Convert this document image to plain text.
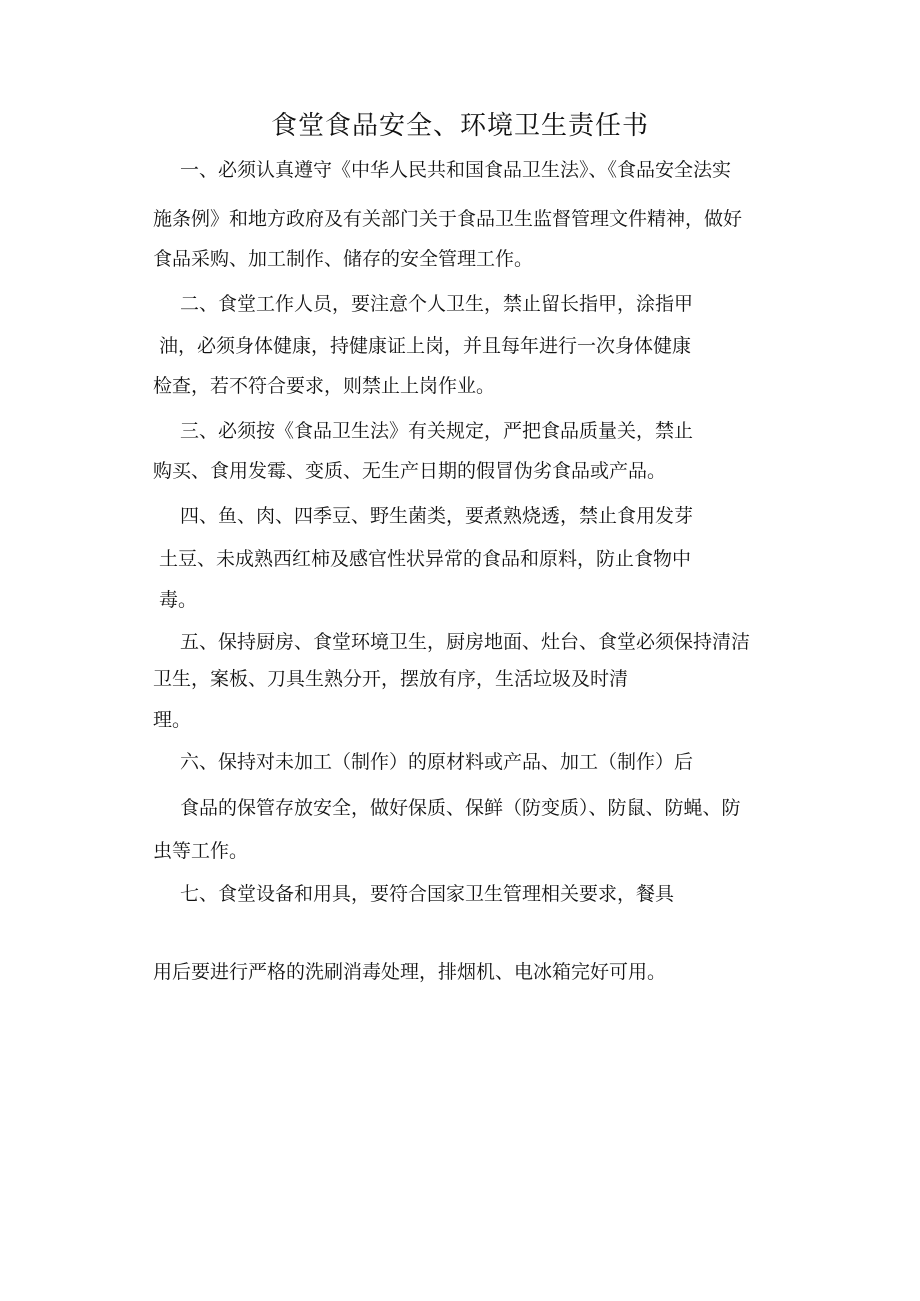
食堂食品安全、环境卫生责任书
一、必须认真遵守《中华人民共和国食品卫生法》、《食品安全法实
施条例》和地方政府及有关部门关于食品卫生监督管理文件精神，做好
食品采购、加工制作、储存的安全管理工作。
二、食堂工作人员，要注意个人卫生，禁止留长指甲，涂指甲
油，必须身体健康，持健康证上岗，并且每年进行一次身体健康
检查，若不符合要求，则禁止上岗作业。
三、必须按《食品卫生法》有关规定，严把食品质量关，禁止
购买、食用发霉、变质、无生产日期的假冒伪劣食品或产品。
四、鱼、肉、四季豆、野生菌类，要煮熟烧透，禁止食用发芽
土豆、未成熟西红柿及感官性状异常的食品和原料，防止食物中
毒。
五、保持厨房、食堂环境卫生，厨房地面、灶台、食堂必须保持清洁
卫生，案板、刀具生熟分开，摆放有序，生活垃圾及时清
理。
六、保持对未加工（制作）的原材料或产品、加工（制作）后
食品的保管存放安全，做好保质、保鲜（防变质）、防鼠、防蝇、防
虫等工作。
七、食堂设备和用具，要符合国家卫生管理相关要求，餐具
用后要进行严格的洗刷消毒处理，排烟机、电冰箱完好可用。
